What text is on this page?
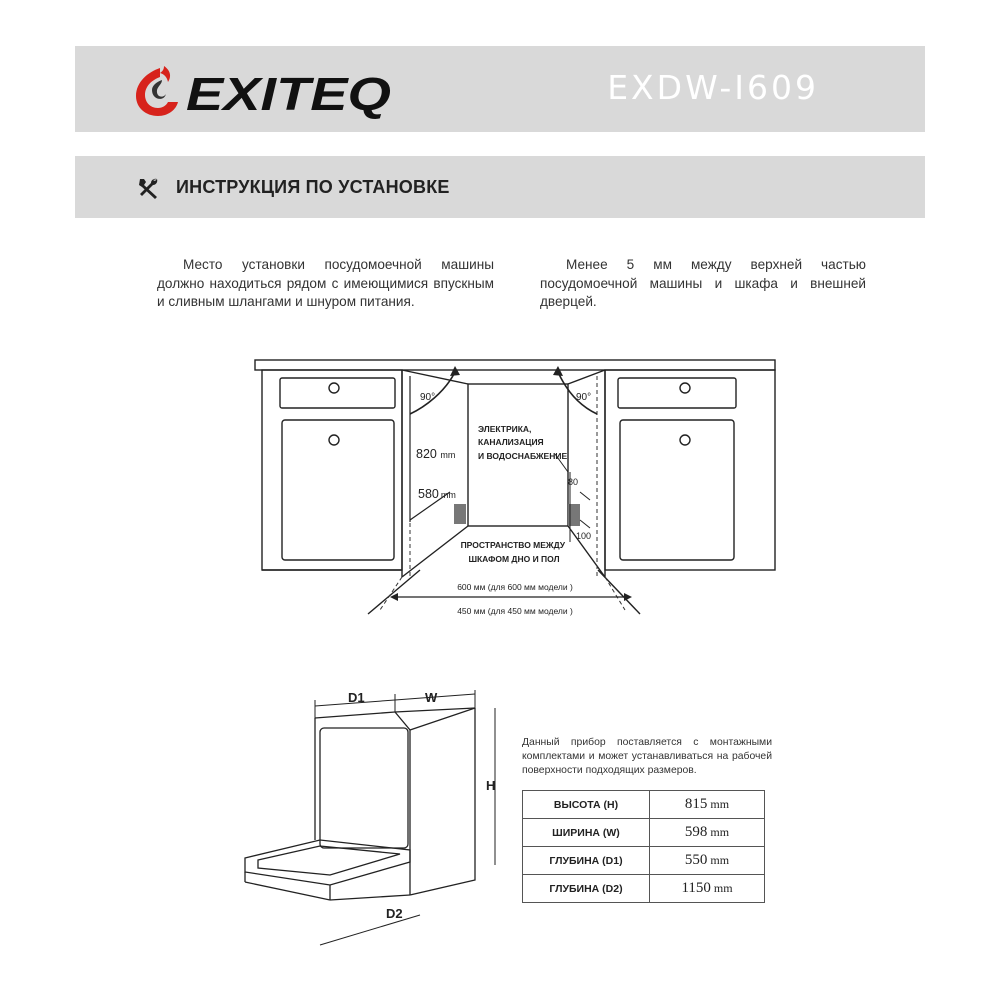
EXITEQ	EXDW-I609
ИНСТРУКЦИЯ ПО УСТАНОВКЕ
Место установки посудомоечной машины должно находиться рядом с имеющимися впускным и сливным шлангами и шнуром питания.
Менее 5 мм между верхней частью посудомоечной машины и шкафа и внешней дверцей.
90°	90°
820 mm
580 mm
ЭЛЕКТРИКА, КАНАЛИЗАЦИЯ И ВОДОСНАБЖЕНИЕ
80
100
ПРОСТРАНСТВО МЕЖДУ ШКАФОМ ДНО И ПОЛ
600 мм (для 600 мм модели )
450 мм (для 450 мм модели )
D1	W
H
D2
Данный прибор поставляется с монтажными комплектами и может устанавливаться на рабочей поверхности подходящих размеров.
ВЫСОТА (H)	815 mm
ШИРИНА (W)	598 mm
ГЛУБИНА (D1)	550 mm
ГЛУБИНА (D2)	1150 mm
